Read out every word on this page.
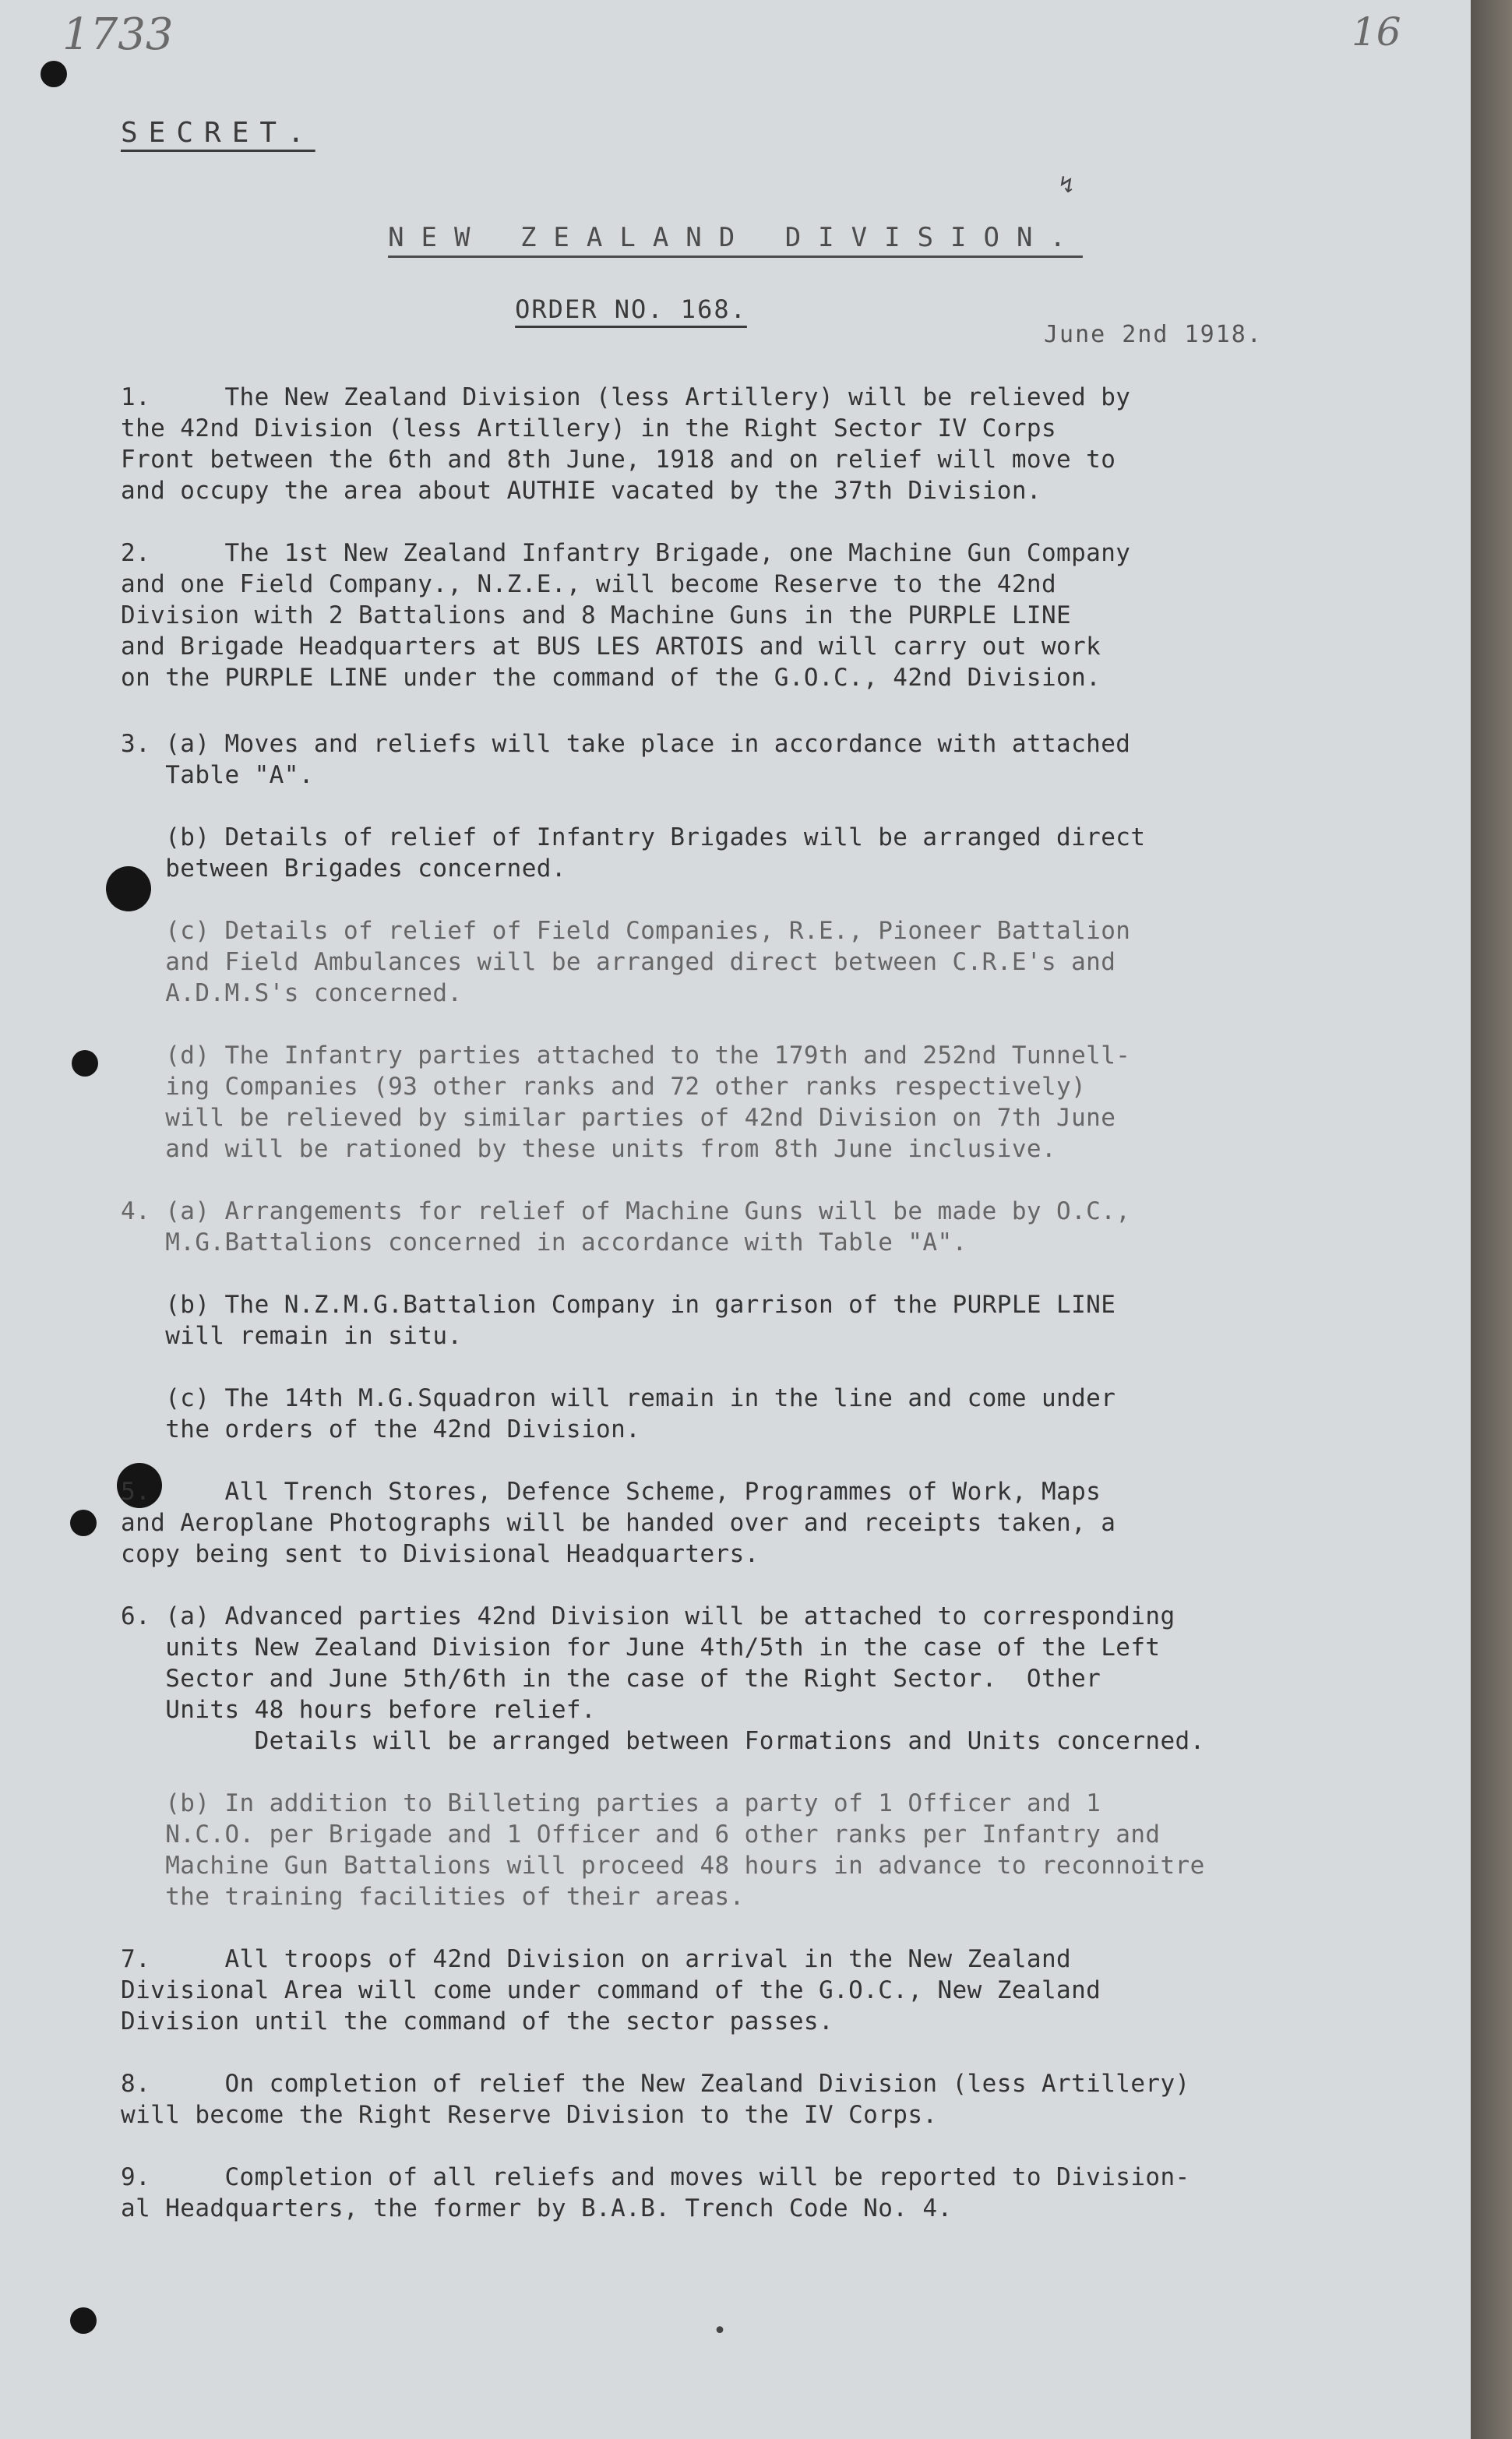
1733	16
SECRET.
NEW ZEALAND DIVISION.
ORDER NO. 168.
June 2nd 1918.
1.     The New Zealand Division (less Artillery) will be relieved by
the 42nd Division (less Artillery) in the Right Sector IV Corps
Front between the 6th and 8th June, 1918 and on relief will move to
and occupy the area about AUTHIE vacated by the 37th Division.
2.     The 1st New Zealand Infantry Brigade, one Machine Gun Company
and one Field Company., N.Z.E., will become Reserve to the 42nd
Division with 2 Battalions and 8 Machine Guns in the PURPLE LINE
and Brigade Headquarters at BUS LES ARTOIS and will carry out work
on the PURPLE LINE under the command of the G.O.C., 42nd Division.
3. (a) Moves and reliefs will take place in accordance with attached
Table "A".
(b) Details of relief of Infantry Brigades will be arranged direct
between Brigades concerned.
(c) Details of relief of Field Companies, R.E., Pioneer Battalion
and Field Ambulances will be arranged direct between C.R.E's and
A.D.M.S's concerned.
(d) The Infantry parties attached to the 179th and 252nd Tunnell-
ing Companies (93 other ranks and 72 other ranks respectively)
will be relieved by similar parties of 42nd Division on 7th June
and will be rationed by these units from 8th June inclusive.
4. (a) Arrangements for relief of Machine Guns will be made by O.C.,
M.G.Battalions concerned in accordance with Table "A".
(b) The N.Z.M.G.Battalion Company in garrison of the PURPLE LINE
will remain in situ.
(c) The 14th M.G.Squadron will remain in the line and come under
the orders of the 42nd Division.
5.     All Trench Stores, Defence Scheme, Programmes of Work, Maps
and Aeroplane Photographs will be handed over and receipts taken, a
copy being sent to Divisional Headquarters.
6. (a) Advanced parties 42nd Division will be attached to corresponding
units New Zealand Division for June 4th/5th in the case of the Left
Sector and June 5th/6th in the case of the Right Sector.  Other
Units 48 hours before relief.
Details will be arranged between Formations and Units concerned.
(b) In addition to Billeting parties a party of 1 Officer and 1
N.C.O. per Brigade and 1 Officer and 6 other ranks per Infantry and
Machine Gun Battalions will proceed 48 hours in advance to reconnoitre
the training facilities of their areas.
7.     All troops of 42nd Division on arrival in the New Zealand
Divisional Area will come under command of the G.O.C., New Zealand
Division until the command of the sector passes.
8.     On completion of relief the New Zealand Division (less Artillery)
will become the Right Reserve Division to the IV Corps.
9.     Completion of all reliefs and moves will be reported to Division-
al Headquarters, the former by B.A.B. Trench Code No. 4.
↯
•
